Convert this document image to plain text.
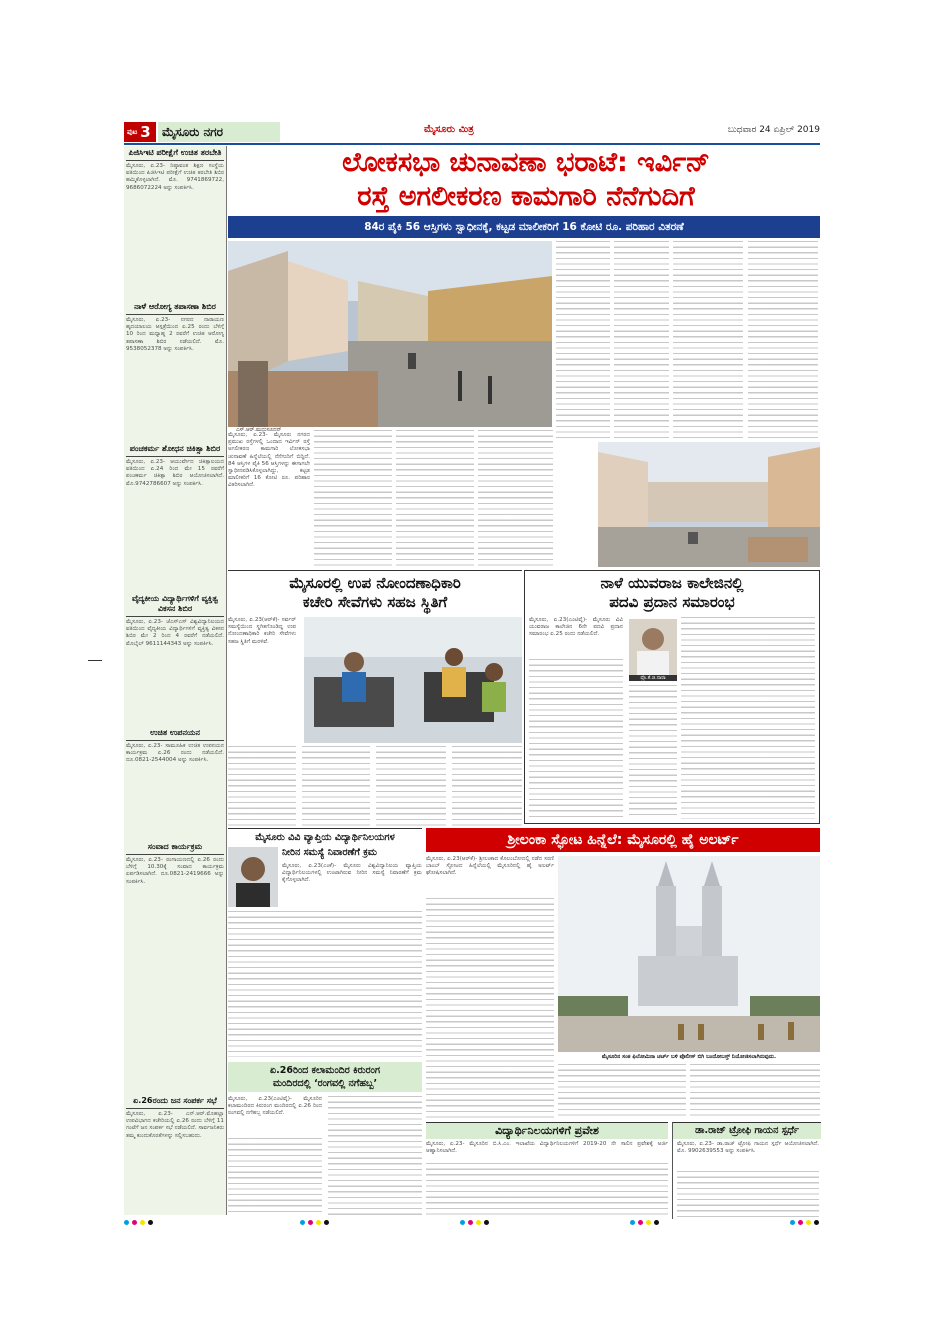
ಪುಟ 3 ಮೈಸೂರು ನಗರ	ಮೈಸೂರು ಮಿತ್ರ	ಬುಧವಾರ 24 ಏಪ್ರಿಲ್ 2019
ಪಿಜಿಸಿಇಟಿ ಪರೀಕ್ಷೆಗೆ ಉಚಿತ ತರಬೇತಿ
ಮೈಸೂರು, ಏ.23- ನಿಷ್ಠಾವಂತ ಶಿಕ್ಷಣ ಸಂಸ್ಥೆಯ ವತಿಯಿಂದ ಪಿಜಿಸಿಇಟಿ ಪರೀಕ್ಷೆಗೆ ಉಚಿತ ತರಬೇತಿ ಶಿಬಿರ ಹಮ್ಮಿಕೊಳ್ಳಲಾಗಿದೆ. ಮೊ. 9741869722, 9686072224 ಅನ್ನು ಸಂಪರ್ಕಿಸಿ.
ನಾಳೆ ಆರೋಗ್ಯ ತಪಾಸಣಾ ಶಿಬಿರ
ಮೈಸೂರು, ಏ.23- ನಗರದ ನಾರಾಯಣ ಹೃದಯಾಲಯ ಆಸ್ಪತ್ರೆಯಿಂದ ಏ.25 ರಂದು ಬೆಳಿಗ್ಗೆ 10 ರಿಂದ ಮಧ್ಯಾಹ್ನ 2 ರವರೆಗೆ ಉಚಿತ ಆರೋಗ್ಯ ತಪಾಸಣಾ ಶಿಬಿರ ನಡೆಯಲಿದೆ. ಮೊ. 9538052378 ಅನ್ನು ಸಂಪರ್ಕಿಸಿ.
ಪಂಚಕರ್ಮ ಶೋಧನ ಚಿಕಿತ್ಸಾ ಶಿಬಿರ
ಮೈಸೂರು, ಏ.23- ಆಯುರ್ವೇದ ಚಿಕಿತ್ಸಾಲಯದ ವತಿಯಿಂದ ಏ.24 ರಿಂದ ಮೇ 15 ರವರೆಗೆ ಪಂಚಕರ್ಮ ಚಿಕಿತ್ಸಾ ಶಿಬಿರ ಆಯೋಜಿಸಲಾಗಿದೆ. ಮೊ.9742786607 ಅನ್ನು ಸಂಪರ್ಕಿಸಿ.
ವೈದ್ಯಕೀಯ ವಿದ್ಯಾರ್ಥಿಗಳಿಗೆ ವ್ಯಕ್ತಿತ್ವ ವಿಕಸನ ಶಿಬಿರ
ಮೈಸೂರು, ಏ.23- ಜೆಎಸ್‌ಎಸ್ ವಿಶ್ವವಿದ್ಯಾನಿಲಯದ ವತಿಯಿಂದ ವೈದ್ಯಕೀಯ ವಿದ್ಯಾರ್ಥಿಗಳಿಗೆ ವ್ಯಕ್ತಿತ್ವ ವಿಕಸನ ಶಿಬಿರ ಮೇ 2 ರಿಂದ 4 ರವರೆಗೆ ನಡೆಯಲಿದೆ. ಮೊಬೈಲ್ 9611144343 ಅನ್ನು ಸಂಪರ್ಕಿಸಿ.
ಉಚಿತ ಉಪನಯನ
ಮೈಸೂರು, ಏ.23- ಸಾಮೂಹಿಕ ಉಚಿತ ಉಪನಯನ ಕಾರ್ಯಕ್ರಮ ಏ.26 ರಂದು ನಡೆಯಲಿದೆ. ದೂ.0821-2544004 ಅನ್ನು ಸಂಪರ್ಕಿಸಿ.
ಸಂವಾದ ಕಾರ್ಯಕ್ರಮ
ಮೈಸೂರು, ಏ.23- ರಂಗಾಯಣದಲ್ಲಿ ಏ.26 ರಂದು ಬೆಳಿಗ್ಗೆ 10.30ಕ್ಕೆ ಸಂವಾದ ಕಾರ್ಯಕ್ರಮ ಏರ್ಪಡಿಸಲಾಗಿದೆ. ದೂ.0821-2419666 ಅನ್ನು ಸಂಪರ್ಕಿಸಿ.
ಏ.26ರಂದು ಜನ ಸಂಪರ್ಕ ಸಭೆ
ಮೈಸೂರು, ಏ.23- ಎನ್.ಆರ್.ಮೊಹಲ್ಲಾ ಉಪವಿಭಾಗದ ಕಚೇರಿಯಲ್ಲಿ ಏ.26 ರಂದು ಬೆಳಿಗ್ಗೆ 11 ಗಂಟೆಗೆ ಜನ ಸಂಪರ್ಕ ಸಭೆ ನಡೆಯಲಿದೆ. ಸಾರ್ವಜನಿಕರು ತಮ್ಮ ಕುಂದುಕೊರತೆಗಳನ್ನು ಸಲ್ಲಿಸಬಹುದು.
ಲೋಕಸಭಾ ಚುನಾವಣಾ ಭರಾಟೆ: ಇರ್ವಿನ್
ರಸ್ತೆ ಅಗಲೀಕರಣ ಕಾಮಗಾರಿ ನೆನೆಗುದಿಗೆ
84ರ ಪೈಕಿ 56 ಆಸ್ತಿಗಳು ಸ್ವಾಧೀನಕ್ಕೆ, ಕಟ್ಟಡ ಮಾಲೀಕರಿಗೆ 16 ಕೋಟಿ ರೂ. ಪರಿಹಾರ ವಿತರಣೆ
ಎಸ್.ಆರ್.ಮಧುಸೂದನ್
ಮೈಸೂರು, ಏ.23- ಮೈಸೂರು ನಗರದ ಪ್ರಮುಖ ರಸ್ತೆಗಳಲ್ಲಿ ಒಂದಾದ ಇರ್ವಿನ್ ರಸ್ತೆ ಅಗಲೀಕರಣ ಕಾಮಗಾರಿ ಲೋಕಸಭಾ ಚುನಾವಣೆ ಹಿನ್ನೆಲೆಯಲ್ಲಿ ನೆನೆಗುದಿಗೆ ಬಿದ್ದಿದೆ. 84 ಆಸ್ತಿಗಳ ಪೈಕಿ 56 ಆಸ್ತಿಗಳನ್ನು ಈಗಾಗಲೇ ಸ್ವಾಧೀನಪಡಿಸಿಕೊಳ್ಳಲಾಗಿದ್ದು, ಕಟ್ಟಡ ಮಾಲೀಕರಿಗೆ 16 ಕೋಟಿ ರೂ. ಪರಿಹಾರ ವಿತರಿಸಲಾಗಿದೆ.
ಮೈಸೂರಲ್ಲಿ ಉಪ ನೋಂದಣಾಧಿಕಾರಿ
ಕಚೇರಿ ಸೇವೆಗಳು ಸಹಜ ಸ್ಥಿತಿಗೆ
ಮೈಸೂರು, ಏ.23(ಆರ್‌ಕೆ)- ಸರ್ವರ್ ಸಮಸ್ಯೆಯಿಂದ ಸ್ಥಗಿತಗೊಂಡಿದ್ದ ಉಪ ನೋಂದಣಾಧಿಕಾರಿ ಕಚೇರಿ ಸೇವೆಗಳು ಸಹಜ ಸ್ಥಿತಿಗೆ ಮರಳಿವೆ.
ನಾಳೆ ಯುವರಾಜ ಕಾಲೇಜಿನಲ್ಲಿ
ಪದವಿ ಪ್ರದಾನ ಸಮಾರಂಭ
ಮೈಸೂರು, ಏ.23(ಎಂಟಿವೈ)- ಮೈಸೂರು ವಿವಿ ಯುವರಾಜ ಕಾಲೇಜಿನ 6ನೇ ಪದವಿ ಪ್ರದಾನ ಸಮಾರಂಭ ಏ.25 ರಂದು ನಡೆಯಲಿದೆ.
ಪ್ರೊ.ಕೆ.ಜಿ.ನಾರಾ
ಮೈಸೂರು ವಿವಿ ವ್ಯಾಪ್ತಿಯ ವಿದ್ಯಾರ್ಥಿನಿಲಯಗಳ
ನೀರಿನ ಸಮಸ್ಯೆ ನಿವಾರಣೆಗೆ ಕ್ರಮ
ಮೈಸೂರು, ಏ.23(ಎಂಕೆ)- ಮೈಸೂರು ವಿಶ್ವವಿದ್ಯಾನಿಲಯ ವ್ಯಾಪ್ತಿಯ ವಿದ್ಯಾರ್ಥಿನಿಲಯಗಳಲ್ಲಿ ಉಂಟಾಗಿರುವ ನೀರಿನ ಸಮಸ್ಯೆ ನಿವಾರಣೆಗೆ ಕ್ರಮ ಕೈಗೊಳ್ಳಲಾಗಿದೆ.
ಶ್ರೀಲಂಕಾ ಸ್ಫೋಟ ಹಿನ್ನೆಲೆ: ಮೈಸೂರಲ್ಲಿ ಹೈ ಅಲರ್ಟ್
ಮೈಸೂರು, ಏ.23(ಆರ್‌ಕೆ)- ಶ್ರೀಲಂಕಾದ ಕೊಲಂಬೋದಲ್ಲಿ ನಡೆದ ಸರಣಿ ಬಾಂಬ್ ಸ್ಫೋಟದ ಹಿನ್ನೆಲೆಯಲ್ಲಿ ಮೈಸೂರಿನಲ್ಲಿ ಹೈ ಅಲರ್ಟ್ ಘೋಷಿಸಲಾಗಿದೆ.
ಮೈಸೂರಿನ ಸಂತ ಫಿಲೋಮಿನಾ ಚರ್ಚ್ ಬಳಿ ಪೊಲೀಸ್ ಬಿಗಿ ಬಂದೋಬಸ್ತ್ ನಿಯೋಜಿಸಲಾಗಿರುವುದು.
ಏ.26ರಿಂದ ಕಲಾಮಂದಿರ ಕಿರುರಂಗ
ಮಂದಿರದಲ್ಲಿ ‘ರಂಗವಲ್ಲಿ ನಗೆಹಬ್ಬ’
ಮೈಸೂರು, ಏ.23(ಎಂಟಿವೈ)- ಮೈಸೂರಿನ ಕಲಾಮಂದಿರದ ಕಿರುರಂಗ ಮಂದಿರದಲ್ಲಿ ಏ.26 ರಿಂದ ರಂಗವಲ್ಲಿ ನಗೆಹಬ್ಬ ನಡೆಯಲಿದೆ.
ವಿದ್ಯಾರ್ಥಿನಿಲಯಗಳಿಗೆ ಪ್ರವೇಶ
ಮೈಸೂರು, ಏ.23- ಮೈಸೂರಿನ ಬಿ.ಸಿ.ಎಂ. ಇಲಾಖೆಯ ವಿದ್ಯಾರ್ಥಿನಿಲಯಗಳಿಗೆ 2019-20 ನೇ ಸಾಲಿನ ಪ್ರವೇಶಕ್ಕೆ ಅರ್ಜಿ ಆಹ್ವಾನಿಸಲಾಗಿದೆ.
ಡಾ.ರಾಜ್ ಟ್ರೋಫಿ ಗಾಯನ ಸ್ಪರ್ಧೆ
ಮೈಸೂರು, ಏ.23- ಡಾ.ರಾಜ್ ಟ್ರೋಫಿ ಗಾಯನ ಸ್ಪರ್ಧೆ ಆಯೋಜಿಸಲಾಗಿದೆ. ಮೊ. 9902639553 ಅನ್ನು ಸಂಪರ್ಕಿಸಿ.
